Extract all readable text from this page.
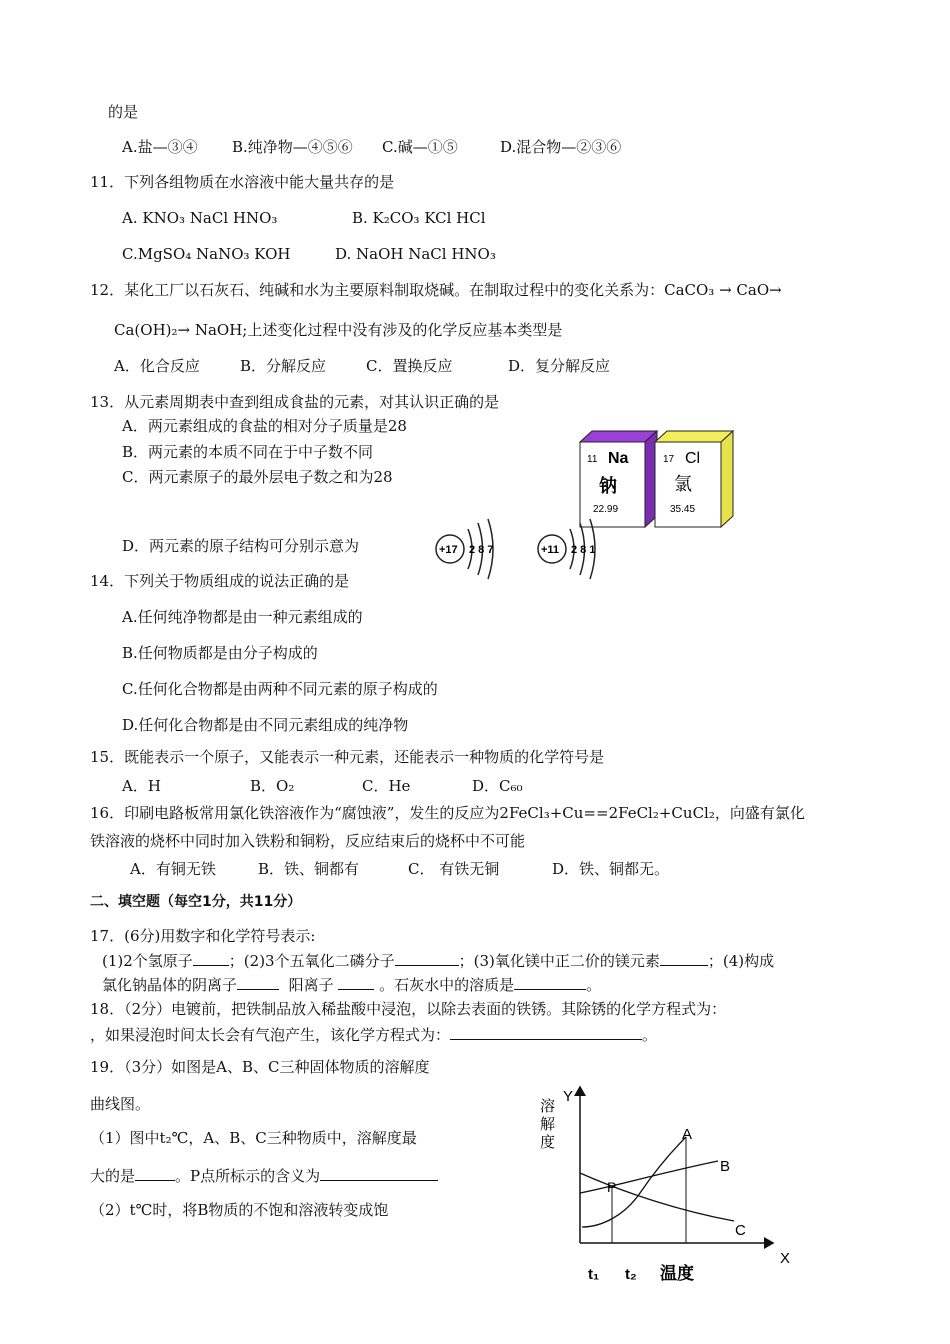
的是
A.盐—③④ B.纯净物—④⑤⑥ C.碱—①⑤	D.混合物—②③⑥
11．下列各组物质在水溶液中能大量共存的是
A. KNO₃ NaCl HNO₃	B. K₂CO₃ KCl HCl
C.MgSO₄ NaNO₃ KOH	D. NaOH NaCl HNO₃
12．某化工厂以石灰石、纯碱和水为主要原料制取烧碱。在制取过程中的变化关系为：CaCO₃ → CaO→
Ca(OH)₂→ NaOH;上述变化过程中没有涉及的化学反应基本类型是
A．化合反应	B．分解反应	C．置换反应	D．复分解反应
13．从元素周期表中查到组成食盐的元素，对其认识正确的是
A．两元素组成的食盐的相对分子质量是28
B．两元素的本质不同在于中子数不同
C．两元素原子的最外层电子数之和为28
D．两元素的原子结构可分别示意为
11 Na
钠
22.99
17 Cl
氯
35.45
+17 2 8 7	+11 2 8 1
14．下列关于物质组成的说法正确的是
A.任何纯净物都是由一种元素组成的
B.任何物质都是由分子构成的
C.任何化合物都是由两种不同元素的原子构成的
D.任何化合物都是由不同元素组成的纯净物
15．既能表示一个原子，又能表示一种元素，还能表示一种物质的化学符号是
A．H	B．O₂	C．He	D．C₆₀
16．印刷电路板常用氯化铁溶液作为“腐蚀液”，发生的反应为2FeCl₃+Cu==2FeCl₂+CuCl₂，向盛有氯化
铁溶液的烧杯中同时加入铁粉和铜粉，反应结束后的烧杯中不可能
A．有铜无铁	B．铁、铜都有	C． 有铁无铜	D．铁、铜都无。
二、填空题（每空1分，共11分）
17．(6分)用数字和化学符号表示:
(1)2个氢原子 ；(2)3个五氧化二磷分子	；(3)氧化镁中正二价的镁元素	；(4)构成
氯化钠晶体的阴离子	阳离子	。石灰水中的溶质是	。
18．（2分）电镀前，把铁制品放入稀盐酸中浸泡，以除去表面的铁锈。其除锈的化学方程式为：
，如果浸泡时间太长会有气泡产生，该化学方程式为：	。
19．（3分）如图是A、B、C三种固体物质的溶解度
曲线图。
（1）图中t₂℃，A、B、C三种物质中，溶解度最
大的是	。P点所标示的含义为
（2）t℃时，将B物质的不饱和溶液转变成饱
Y
溶
解
度
X
A
B
C
P
t₁ t₂ 温度
